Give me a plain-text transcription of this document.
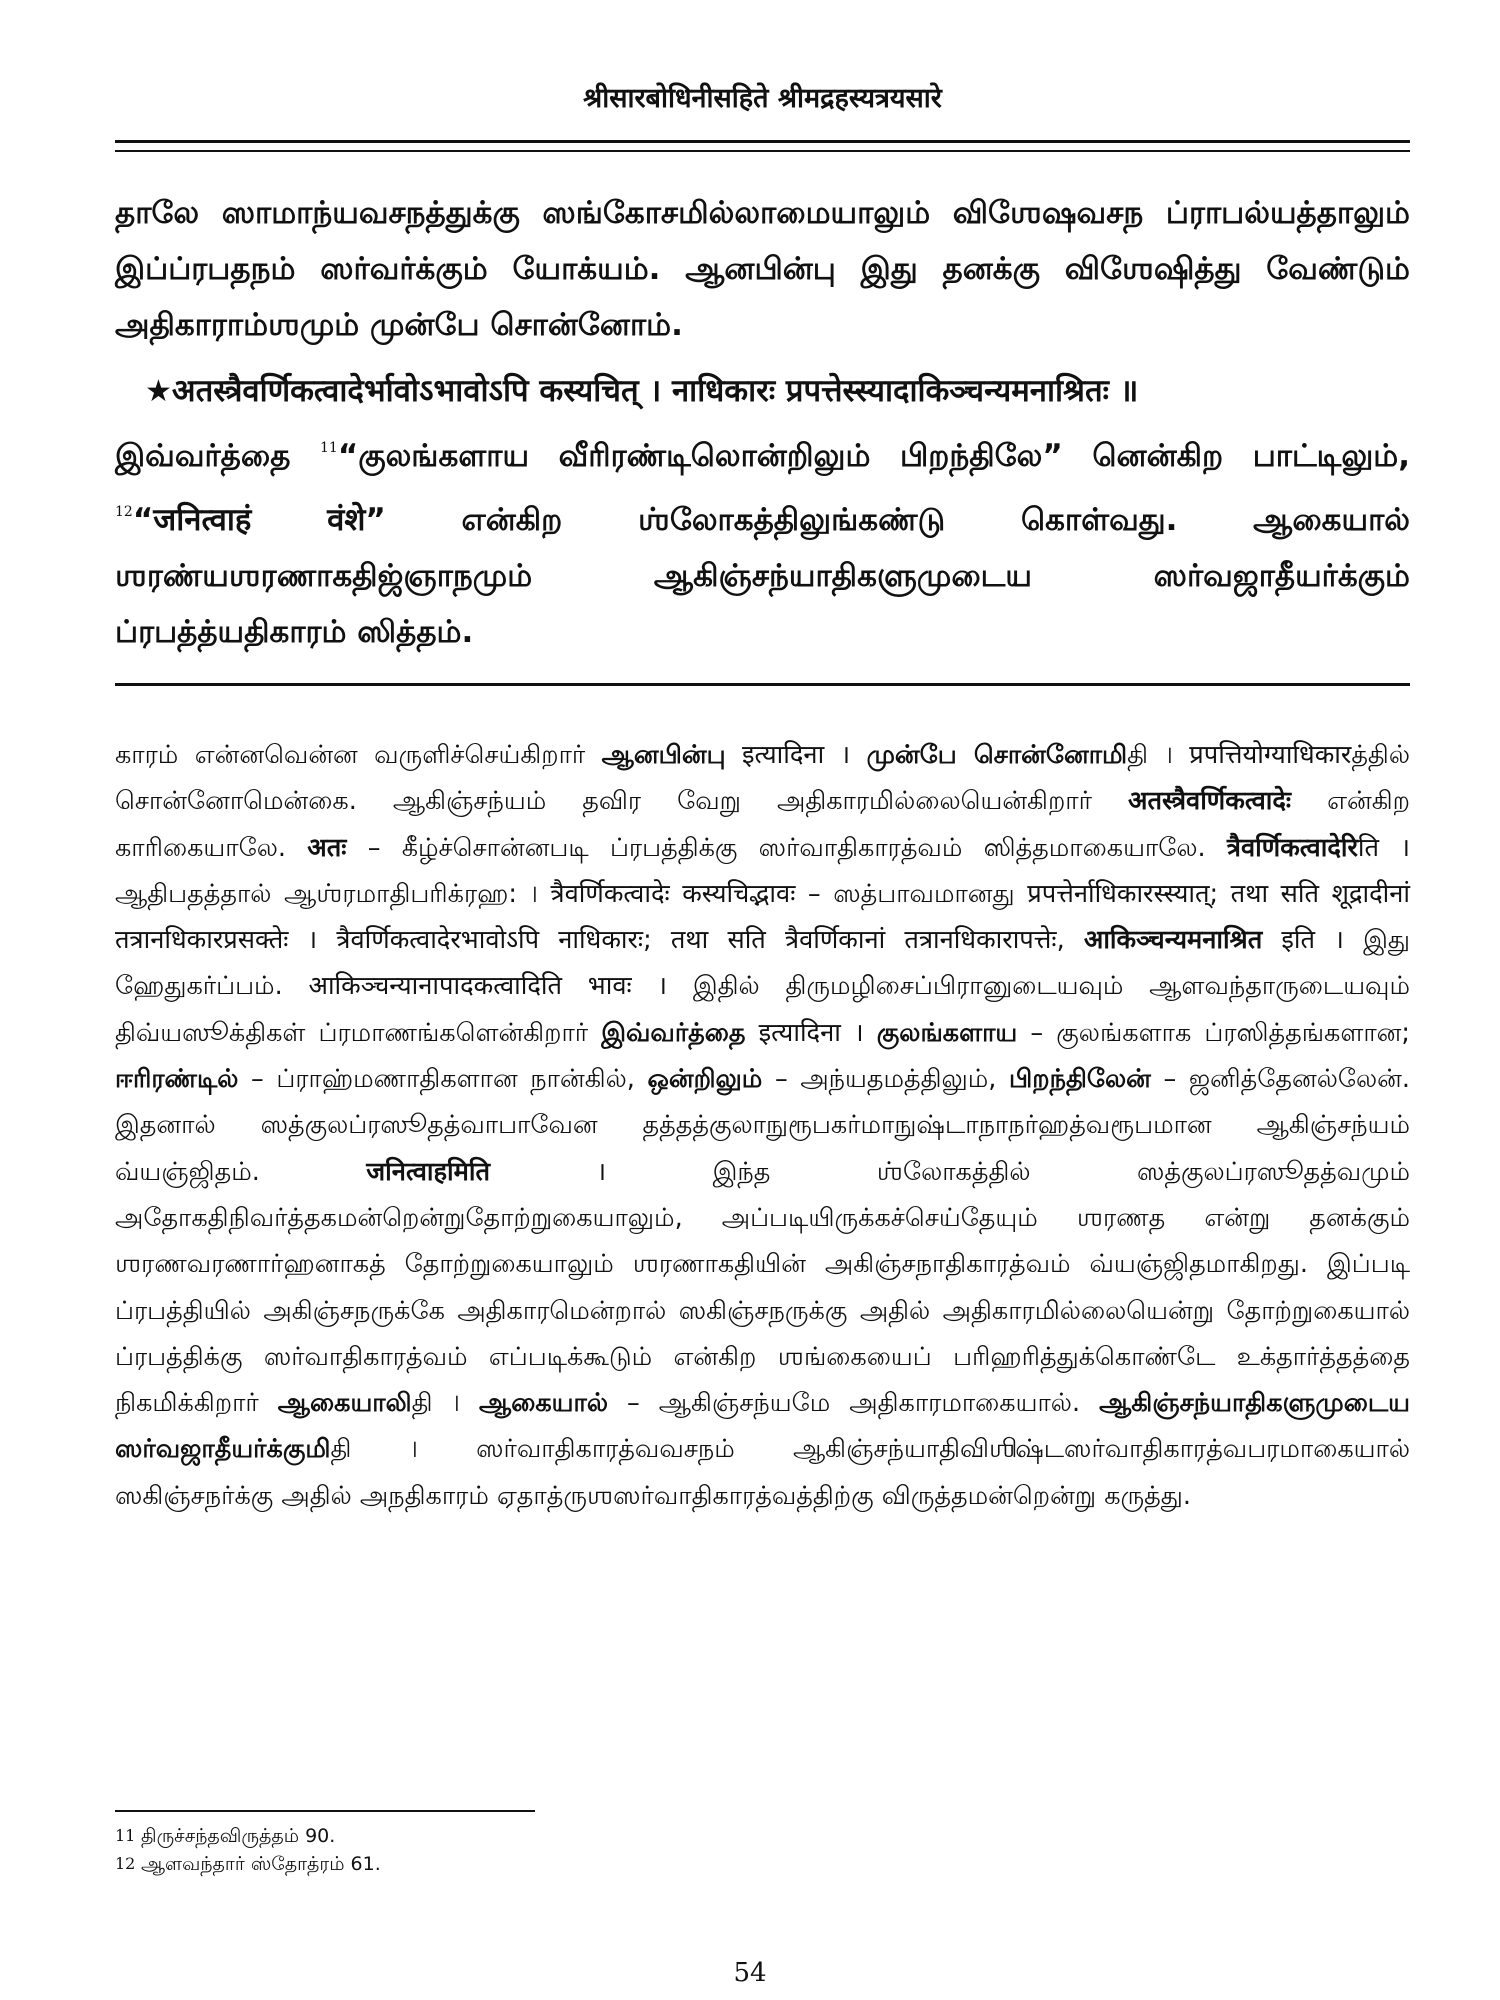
श्रीसारबोधिनीसहिते श्रीमद्रहस्यत्रयसारे

தாலே ஸாமாந்யவசநத்துக்கு ஸங்கோசமில்லாமையாலும் விஶேஷவசந ப்ராபல்யத்தாலும் இப்ப்ரபதநம் ஸர்வர்க்கும் யோக்யம். ஆனபின்பு இது தனக்கு விஶேஷித்து வேண்டும் அதிகாராம்ஶமும் முன்பே சொன்னோம்.

★अतस्त्रैवर्णिकत्वादेर्भावोऽभावोऽपि कस्यचित् । नाधिकारः प्रपत्तेस्स्यादाकिञ्चन्यमनाश्रितः ॥

இவ்வர்த்தை $^{11}$“குலங்களாய வீரிரண்டிலொன்றிலும் பிறந்திலே” னென்கிற பாட்டிலும், $^{12}$“जनित्वाहं वंशे” என்கிற ஶ்லோகத்திலுங்கண்டு கொள்வது. ஆகையால் ஶரண்யஶரணாகதிஜ்ஞாநமும் ஆகிஞ்சந்யாதிகளுமுடைய ஸர்வஜாதீயர்க்கும் ப்ரபத்த்யதிகாரம் ஸித்தம்.

காரம் என்னவென்ன வருளிச்செய்கிறார் ஆனபின்பு इत्यादिना । முன்பே சொன்னோமிதி । प्रपत्तियोग्याधिकारத்தில் சொன்னோமென்கை. ஆகிஞ்சந்யம் தவிர வேறு அதிகாரமில்லையென்கிறார் अतस्त्रैवर्णिकत्वादेः என்கிற காரிகையாலே. अतः – கீழ்ச்சொன்னபடி ப்ரபத்திக்கு ஸர்வாதிகாரத்வம் ஸித்தமாகையாலே. त्रैवर्णिकत्वादेरिति । ஆதிபதத்தால் ஆஶ்ரமாதிபரிக்ரஹ: । त्रैवर्णिकत्वादेः कस्यचिद्भावः – ஸத்பாவமானது प्रपत्तेर्नाधिकारस्स्यात्; तथा सति शूद्रादीनां तत्रानधिकारप्रसक्तेः । त्रैवर्णिकत्वादेरभावोऽपि नाधिकारः; तथा सति त्रैवर्णिकानां तत्रानधिकारापत्तेः, आकिञ्चन्यमनाश्रित इति । இது ஹேதுகர்ப்பம். आकिञ्चन्यानापादकत्वादिति भावः । இதில் திருமழிசைப்பிரானுடையவும் ஆளவந்தாருடையவும் திவ்யஸூக்திகள் ப்ரமாணங்களென்கிறார் இவ்வர்த்தை इत्यादिना । குலங்களாய – குலங்களாக ப்ரஸித்தங்களான; ஈரிரண்டில் – ப்ராஹ்மணாதிகளான நான்கில், ஒன்றிலும் – அந்யதமத்திலும், பிறந்திலேன் – ஜனித்தேனல்லேன். இதனால் ஸத்குலப்ரஸூதத்வாபாவேன தத்தத்குலாநுரூபகர்மாநுஷ்டாநாநர்ஹத்வரூபமான ஆகிஞ்சந்யம் வ்யஞ்ஜிதம். जनित्वाहमिति । இந்த ஶ்லோகத்தில் ஸத்குலப்ரஸூதத்வமும் அதோகதிநிவர்த்தகமன்றென்றுதோற்றுகையாலும், அப்படியிருக்கச்செய்தேயும் ஶரணத என்று தனக்கும் ஶரணவரணார்ஹனாகத் தோற்றுகையாலும் ஶரணாகதியின் அகிஞ்சநாதிகாரத்வம் வ்யஞ்ஜிதமாகிறது. இப்படி ப்ரபத்தியில் அகிஞ்சநருக்கே அதிகாரமென்றால் ஸகிஞ்சநருக்கு அதில் அதிகாரமில்லையென்று தோற்றுகையால் ப்ரபத்திக்கு ஸர்வாதிகாரத்வம் எப்படிக்கூடும் என்கிற ஶங்கையைப் பரிஹரித்துக்கொண்டே உக்தார்த்தத்தை நிகமிக்கிறார் ஆகையாலிதி । ஆகையால் – ஆகிஞ்சந்யமே அதிகாரமாகையால். ஆகிஞ்சந்யாதிகளுமுடைய ஸர்வஜாதீயர்க்குமிதி । ஸர்வாதிகாரத்வவசநம் ஆகிஞ்சந்யாதிவிஶிஷ்டஸர்வாதிகாரத்வபரமாகையால் ஸகிஞ்சநர்க்கு அதில் அநதிகாரம் ஏதாத்ருஶஸர்வாதிகாரத்வத்திற்கு விருத்தமன்றென்று கருத்து.

11 திருச்சந்தவிருத்தம் 90.
12 ஆளவந்தார் ஸ்தோத்ரம் 61.
54
